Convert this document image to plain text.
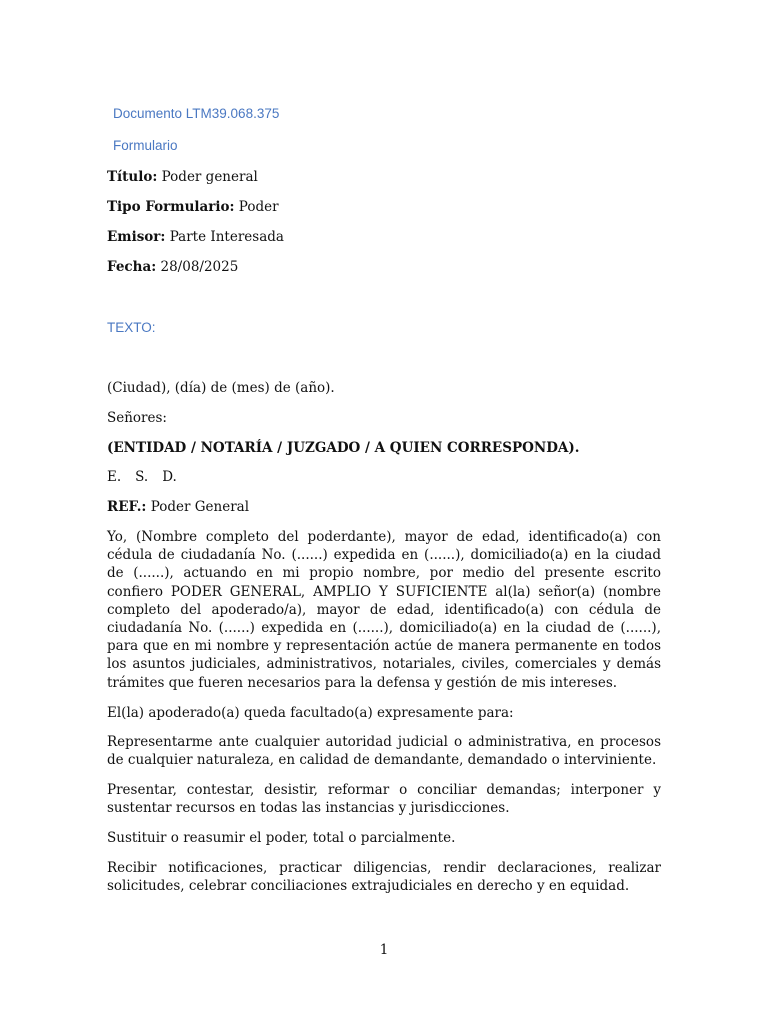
Documento LTM39.068.375
Formulario
Título: Poder general
Tipo Formulario: Poder
Emisor: Parte Interesada
Fecha: 28/08/2025
TEXTO:
(Ciudad), (día) de (mes) de (año).
Señores:
(ENTIDAD / NOTARÍA / JUZGADO / A QUIEN CORRESPONDA).
E. S. D.
REF.: Poder General
Yo, (Nombre completo del poderdante), mayor de edad, identificado(a) con cédula de ciudadanía No. (......) expedida en (......), domiciliado(a) en la ciudad de (......), actuando en mi propio nombre, por medio del presente escrito confiero PODER GENERAL, AMPLIO Y SUFICIENTE al(la) señor(a) (nombre completo del apoderado/a), mayor de edad, identificado(a) con cédula de ciudadanía No. (......) expedida en (......), domiciliado(a) en la ciudad de (......), para que en mi nombre y representación actúe de manera permanente en todos los asuntos judiciales, administrativos, notariales, civiles, comerciales y demás trámites que fueren necesarios para la defensa y gestión de mis intereses.
El(la) apoderado(a) queda facultado(a) expresamente para:
Representarme ante cualquier autoridad judicial o administrativa, en procesos de cualquier naturaleza, en calidad de demandante, demandado o interviniente.
Presentar, contestar, desistir, reformar o conciliar demandas; interponer y sustentar recursos en todas las instancias y jurisdicciones.
Sustituir o reasumir el poder, total o parcialmente.
Recibir notificaciones, practicar diligencias, rendir declaraciones, realizar solicitudes, celebrar conciliaciones extrajudiciales en derecho y en equidad.
1
